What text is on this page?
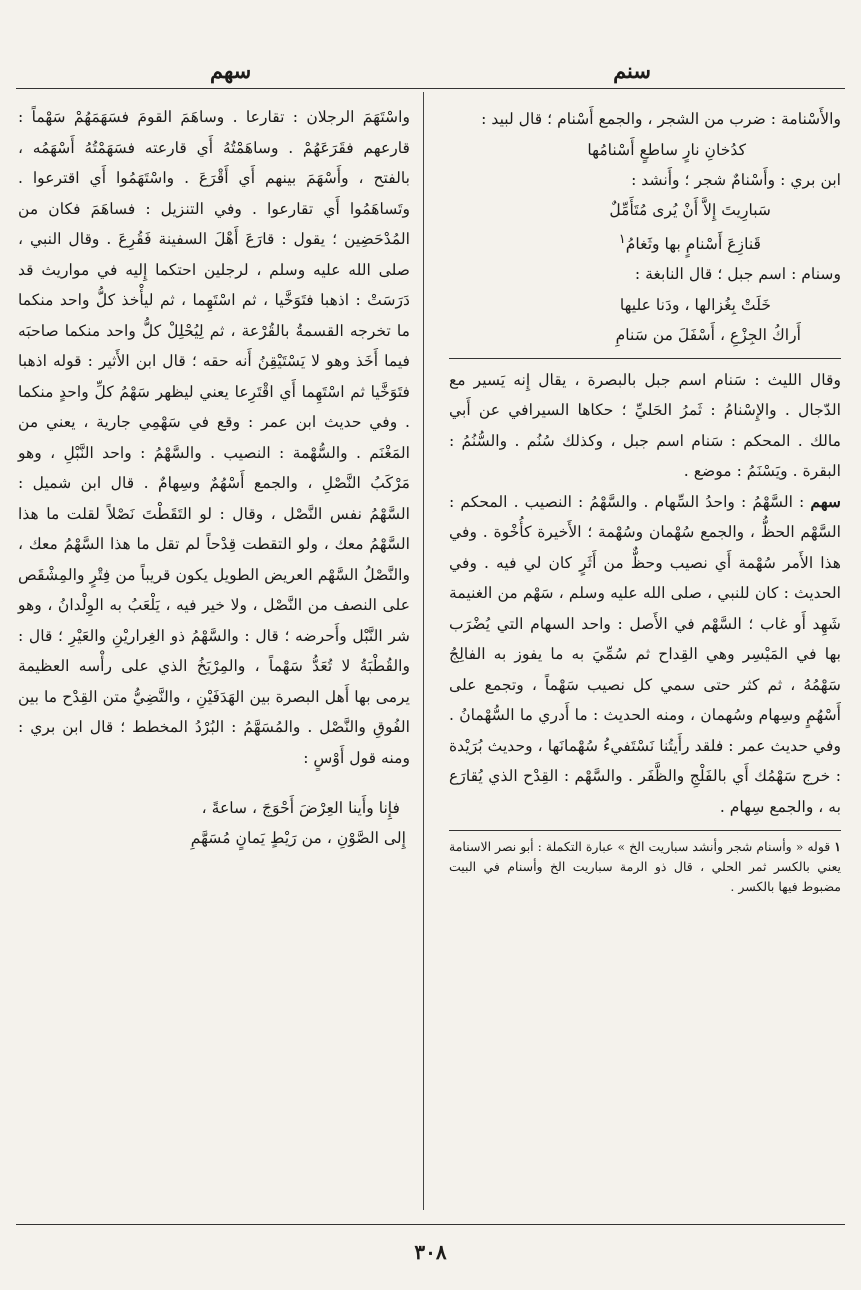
سنم
سهم

والأَسْنامة : ضرب من الشجر ، والجمع أَسْنام ؛ قال لبيد :

كدُخانِ نارٍ ساطعٍ أَسْنامُها

ابن بري : وأَسْنامٌ شجر ؛ وأَنشد :

سَبارِيتَ إِلاَّ أَنْ يُرى مُتَأَمِّلٌ
قَنازِعَ أَسْنامٍ بها وثَغامُ$^١$

وسنام : اسم جبل ؛ قال النابغة :

خَلَتْ بِغُزالها ، ودَنا عليها
أَراكُ الجِزْعِ ، أَسْفَلَ من سَنامِ

وقال الليث : سَنام اسم جبل بالبصرة ، يقال إِنه يَسير مع الدّجال . والإِسْنامُ : ثَمرُ الحَليِّ ؛ حكاها السيرافي عن أَبي مالك . المحكم : سَنام اسم جبل ، وكذلك سُنُم . والسُّنُمُ : البقرة . ويَسْنَمُ : موضع .

سهم : السَّهْمُ : واحدُ السِّهام . والسَّهْمُ : النصيب . المحكم : السَّهْم الحظُّ ، والجمع سُهْمان وسُهْمة ؛ الأَخيرة كأُخْوة . وفي هذا الأَمر سُهْمة أَي نصيب وحظٌّ من أَثَرٍ كان لي فيه . وفي الحديث : كان للنبي ، صلى الله عليه وسلم ، سَهْم من الغنيمة شَهِد أَو غاب ؛ السَّهْم في الأَصل : واحد السهام التي يُضْرَب بها في المَيْسِر وهي القِداح ثم سُمِّيَ به ما يفوز به الفالِجُ سَهْمُهُ ، ثم كثر حتى سمي كل نصيب سَهْماً ، وتجمع على أَسْهُمٍ وسِهام وسُهمان ، ومنه الحديث : ما أَدري ما السُّهْمانُ . وفي حديث عمر : فلقد رأَيتُنا نَسْتَفيءُ سُهْمانَها ، وحديث بُرَيْدة : خرج سَهْمُك أَي بالفَلْجِ والظَّفَر . والسَّهْم : القِدْح الذي يُقارَع به ، والجمع سِهام .

١قوله « وأسنام شجر وأنشد سباريت الخ » عبارة التكملة : أبو نصر الاسنامة يعني بالكسر ثمر الحلي ، قال ذو الرمة سباريت الخ وأسنام في البيت مضبوط فيها بالكسر .

واسْتَهَمَ الرجلان : تقارعا . وساهَمَ القومَ فسَهَمَهُمْ سَهْماً : قارعهم فقَرَعَهُمْ . وساهَمْتُهُ أَي قارعته فسَهَمْتُهُ أَسْهَمُه ، بالفتح ، وأَسْهَمَ بينهم أَي أَقْرَعَ . واسْتَهَمُوا أَي اقترعوا . وتَساهَمُوا أَي تقارعوا . وفي التنزيل : فساهَمَ فكان من المُدْحَضِين ؛ يقول : قارَعَ أَهْلَ السفينة فَقُرِعَ . وقال النبي ، صلى الله عليه وسلم ، لرجلين احتكما إِليه في مواريث قد دَرَسَتْ : اذهبا فتَوَخَّيا ، ثم اسْتَهِما ، ثم ليأْخذ كلُّ واحد منكما ما تخرجه القسمةُ بالقُرْعة ، ثم لِيُحْلِلْ كلُّ واحد منكما صاحبَه فيما أَخَذ وهو لا يَسْتَيْقِنُ أَنه حقه ؛ قال ابن الأَثير : قوله اذهبا فتَوَخَّيا ثم اسْتَهِما أَي اقْتَرِعا يعني ليظهر سَهْمُ كلِّ واحدٍ منكما . وفي حديث ابن عمر : وقع في سَهْمِي جارية ، يعني من المَغْنَم . والسُّهْمة : النصيب . والسَّهْمُ : واحد النَّبْلِ ، وهو مَرْكَبُ النَّصْلِ ، والجمع أَسْهُمٌ وسِهامٌ . قال ابن شميل : السَّهْمُ نفس النَّصْل ، وقال : لو التَقَطْتَ نَصْلاً لقلت ما هذا السَّهْمُ معك ، ولو التقطت قِدْحاً لم تقل ما هذا السَّهْمُ معك ، والنَّصْلُ السَّهْم العريض الطويل يكون قريباً من فِتْرٍ والمِشْقَص على النصف من النَّصْل ، ولا خير فيه ، يَلْعَبُ به الوِلْدانُ ، وهو شر النَّبْل وأَحرضه ؛ قال : والسَّهْمُ ذو الغِراريْنِ والعَيْرِ ؛ قال : والقُطْبَةُ لا تُعَدُّ سَهْماً ، والمِرْيَخُ الذي على رأْسه العظيمة يرمى بها أَهل البصرة بين الهَدَفَيْنِ ، والنَّضِيُّ متن القِدْح ما بين الفُوقِ والنَّصْل . والمُسَهَّمُ : البُرْدُ المخطط ؛ قال ابن بري : ومنه قول أَوْسٍ :

فإِنا وأَينا العِرْضَ أَحْوَجَ ، ساعةً ،
إِلى الصَّوْنِ ، من رَيْطٍ يَمانٍ مُسَهَّمِ
٣٠٨
